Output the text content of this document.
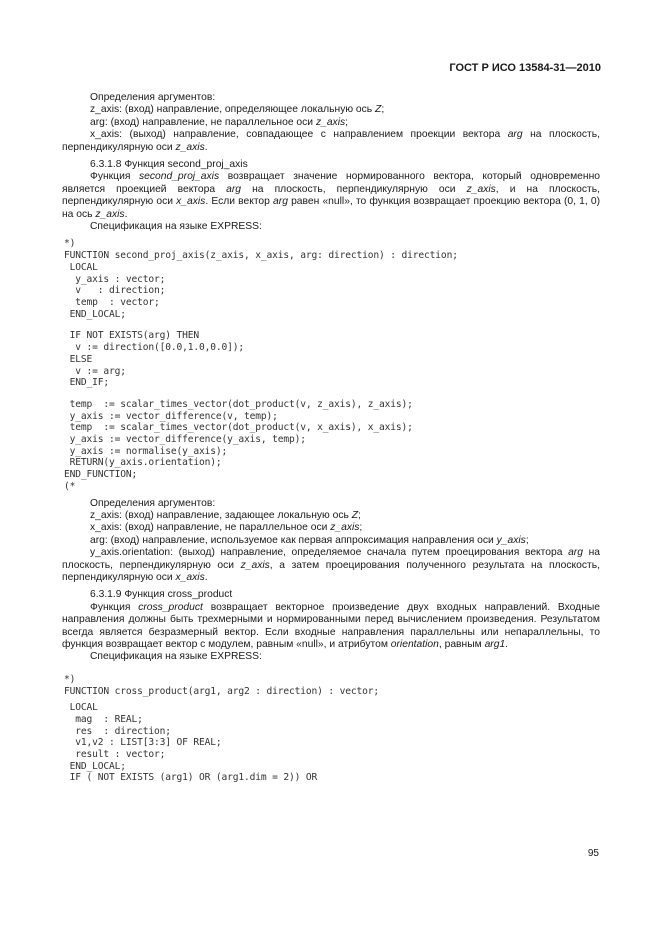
ГОСТ Р ИСО 13584-31—2010

Определения аргументов:

z_axis: (вход) направление, определяющее локальную ось Z;

arg: (вход) направление, не параллельное оси z_axis;

x_axis: (выход) направление, совпадающее с направлением проекции вектора arg на плоскость, перпендикулярную оси z_axis.

6.3.1.8 Функция second_proj_axis

Функция second_proj_axis возвращает значение нормированного вектора, который одновременно является проекцией вектора arg на плоскость, перпендикулярную оси z_axis, и на плоскость, перпендикулярную оси x_axis. Если вектор arg равен «null», то функция возвращает проекцию вектора (0, 1, 0) на ось z_axis.

Спецификация на языке EXPRESS:

*)
FUNCTION second_proj_axis(z_axis, x_axis, arg: direction) : direction;
LOCAL
y_axis : vector;
v   : direction;
temp  : vector;
END_LOCAL;
IF NOT EXISTS(arg) THEN
v := direction([0.0,1.0,0.0]);
ELSE
v := arg;
END_IF;
temp  := scalar_times_vector(dot_product(v, z_axis), z_axis);
y_axis := vector_difference(v, temp);
temp  := scalar_times_vector(dot_product(v, x_axis), x_axis);
y_axis := vector_difference(y_axis, temp);
y_axis := normalise(y_axis);
RETURN(y_axis.orientation);
END_FUNCTION;
(*

Определения аргументов:

z_axis: (вход) направление, задающее локальную ось Z;

x_axis: (вход) направление, не параллельное оси z_axis;

arg: (вход) направление, используемое как первая аппроксимация направления оси y_axis;

y_axis.orientation: (выход) направление, определяемое сначала путем проецирования вектора arg на плоскость, перпендикулярную оси z_axis, а затем проецирования полученного результата на плоскость, перпендикулярную оси x_axis.

6.3.1.9 Функция cross_product

Функция cross_product возвращает векторное произведение двух входных направлений. Входные направления должны быть трехмерными и нормированными перед вычислением произведения. Результатом всегда является безразмерный вектор. Если входные направления параллельны или непараллельны, то функция возвращает вектор с модулем, равным «null», и атрибутом orientation, равным arg1.

Спецификация на языке EXPRESS:

*)
FUNCTION cross_product(arg1, arg2 : direction) : vector;
LOCAL
mag  : REAL;
res  : direction;
v1,v2 : LIST[3:3] OF REAL;
result : vector;
END_LOCAL;
IF ( NOT EXISTS (arg1) OR (arg1.dim = 2)) OR
95
